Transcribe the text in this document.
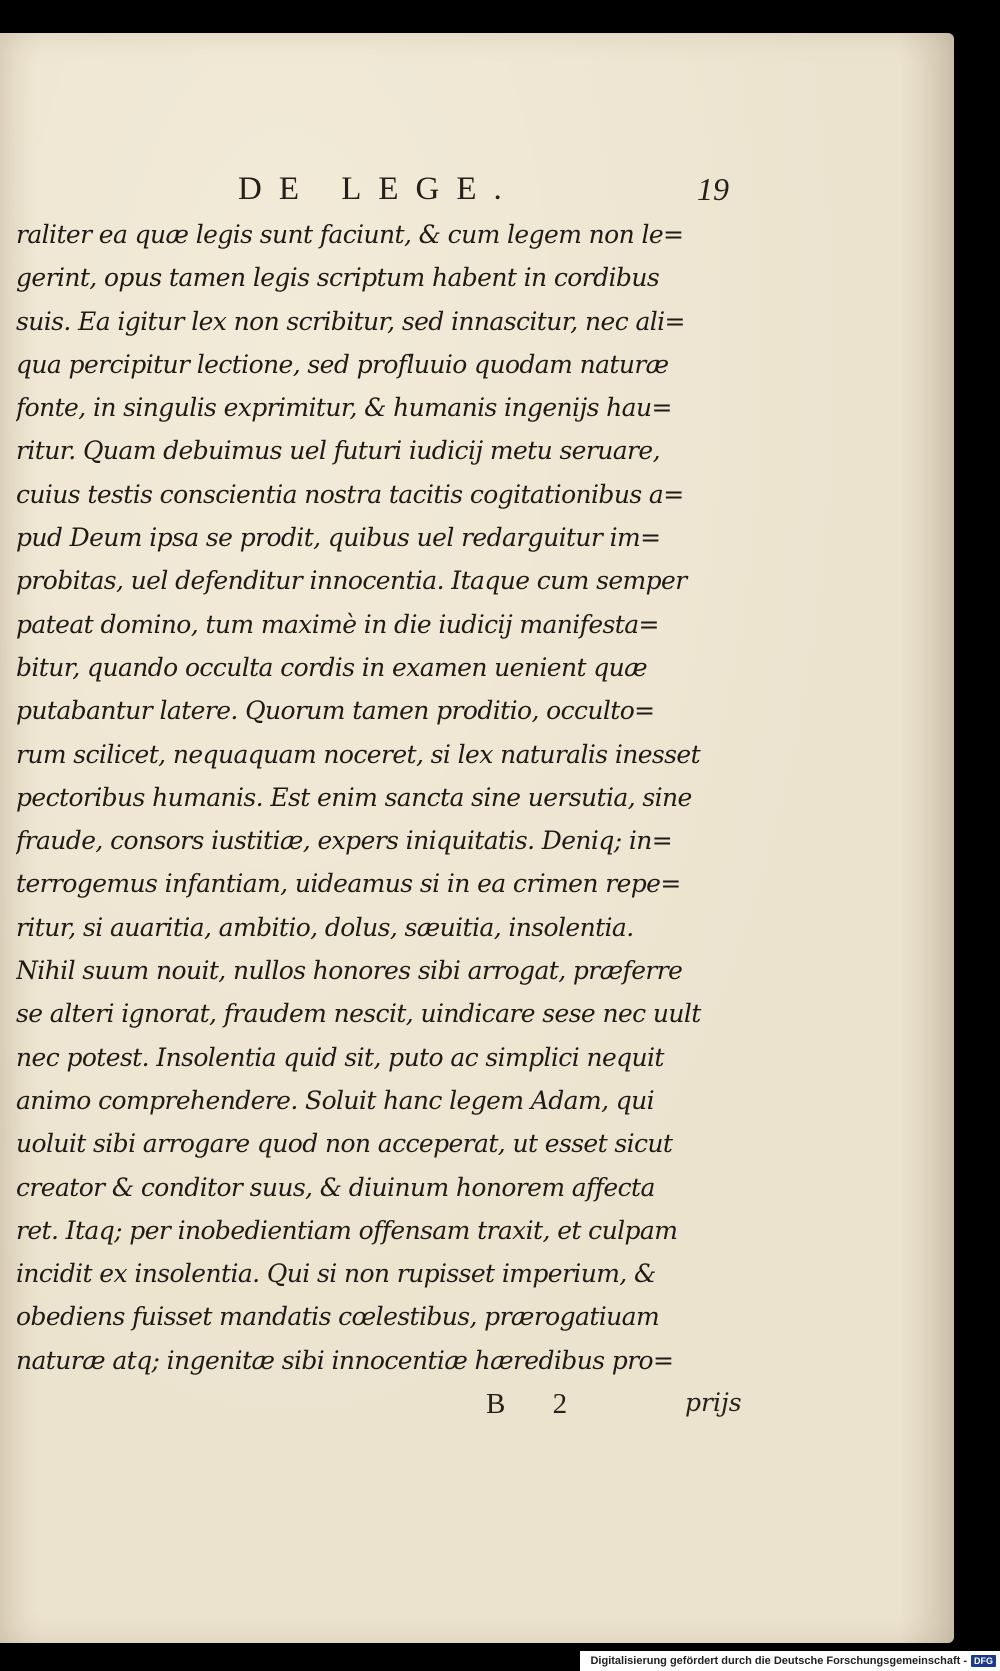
DE LEGE.	19
raliter ea quæ legis sunt faciunt, & cum legem non le=
gerint, opus tamen legis scriptum habent in cordibus
suis. Ea igitur lex non scribitur, sed innascitur, nec ali=
qua percipitur lectione, sed profluuio quodam naturæ
fonte, in singulis exprimitur, & humanis ingenijs hau=
ritur. Quam debuimus uel futuri iudicij metu seruare,
cuius testis conscientia nostra tacitis cogitationibus a=
pud Deum ipsa se prodit, quibus uel redarguitur im=
probitas, uel defenditur innocentia. Itaque cum semper
pateat domino, tum maximè in die iudicij manifesta=
bitur, quando occulta cordis in examen uenient quæ
putabantur latere. Quorum tamen proditio, occulto=
rum scilicet, nequaquam noceret, si lex naturalis inesset
pectoribus humanis. Est enim sancta sine uersutia, sine
fraude, consors iustitiæ, expers iniquitatis. Deniq; in=
terrogemus infantiam, uideamus si in ea crimen repe=
ritur, si auaritia, ambitio, dolus, sæuitia, insolentia.
Nihil suum nouit, nullos honores sibi arrogat, præferre
se alteri ignorat, fraudem nescit, uindicare sese nec uult
nec potest. Insolentia quid sit, puto ac simplici nequit
animo comprehendere. Soluit hanc legem Adam, qui
uoluit sibi arrogare quod non acceperat, ut esset sicut
creator & conditor suus, & diuinum honorem affecta
ret. Itaq; per inobedientiam offensam traxit, et culpam
incidit ex insolentia. Qui si non rupisset imperium, &
obediens fuisset mandatis cœlestibus, prærogatiuam
naturæ atq; ingenitæ sibi innocentiæ hæredibus pro=
B 2	prijs
Digitalisierung gefördert durch die Deutsche Forschungsgemeinschaft - DFG
